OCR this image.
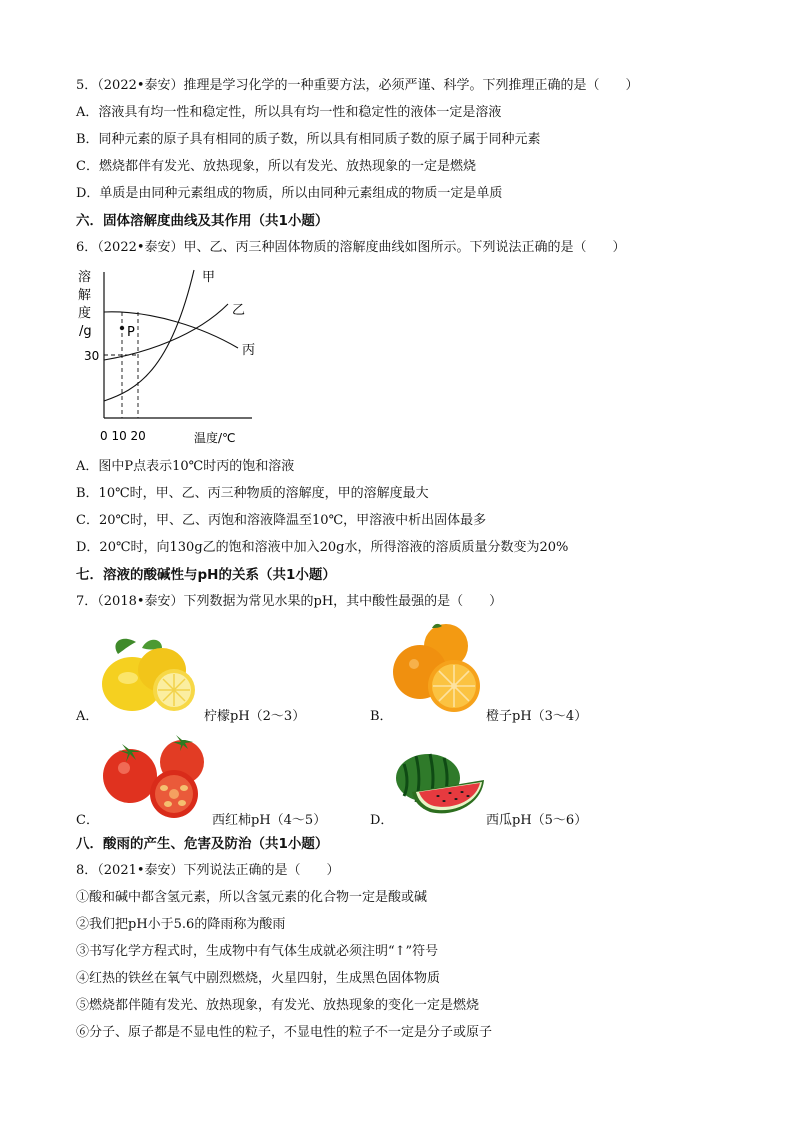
5．（2022•泰安）推理是学习化学的一种重要方法，必须严谨、科学。下列推理正确的是（　　）
A．溶液具有均一性和稳定性，所以具有均一性和稳定性的液体一定是溶液
B．同种元素的原子具有相同的质子数，所以具有相同质子数的原子属于同种元素
C．燃烧都伴有发光、放热现象，所以有发光、放热现象的一定是燃烧
D．单质是由同种元素组成的物质，所以由同种元素组成的物质一定是单质
六．固体溶解度曲线及其作用（共1小题）
6．（2022•泰安）甲、乙、丙三种固体物质的溶解度曲线如图所示。下列说法正确的是（　　）
溶
解
度
/g	P
甲
乙
丙
30
0 10 20	温度/℃
A．图中P点表示10℃时丙的饱和溶液
B．10℃时，甲、乙、丙三种物质的溶解度，甲的溶解度最大
C．20℃时，甲、乙、丙饱和溶液降温至10℃，甲溶液中析出固体最多
D．20℃时，向130g乙的饱和溶液中加入20g水，所得溶液的溶质质量分数变为20%
七．溶液的酸碱性与pH的关系（共1小题）
7．（2018•泰安）下列数据为常见水果的pH，其中酸性最强的是（　　）
A．	柠檬pH（2～3）	B．	橙子pH（3～4）
C．	西红柿pH（4～5）	D．	西瓜pH（5～6）
八．酸雨的产生、危害及防治（共1小题）
8．（2021•泰安）下列说法正确的是（　　）
①酸和碱中都含氢元素，所以含氢元素的化合物一定是酸或碱
②我们把pH小于5.6的降雨称为酸雨
③书写化学方程式时，生成物中有气体生成就必须注明“↑”符号
④红热的铁丝在氧气中剧烈燃烧，火星四射，生成黑色固体物质
⑤燃烧都伴随有发光、放热现象，有发光、放热现象的变化一定是燃烧
⑥分子、原子都是不显电性的粒子，不显电性的粒子不一定是分子或原子
